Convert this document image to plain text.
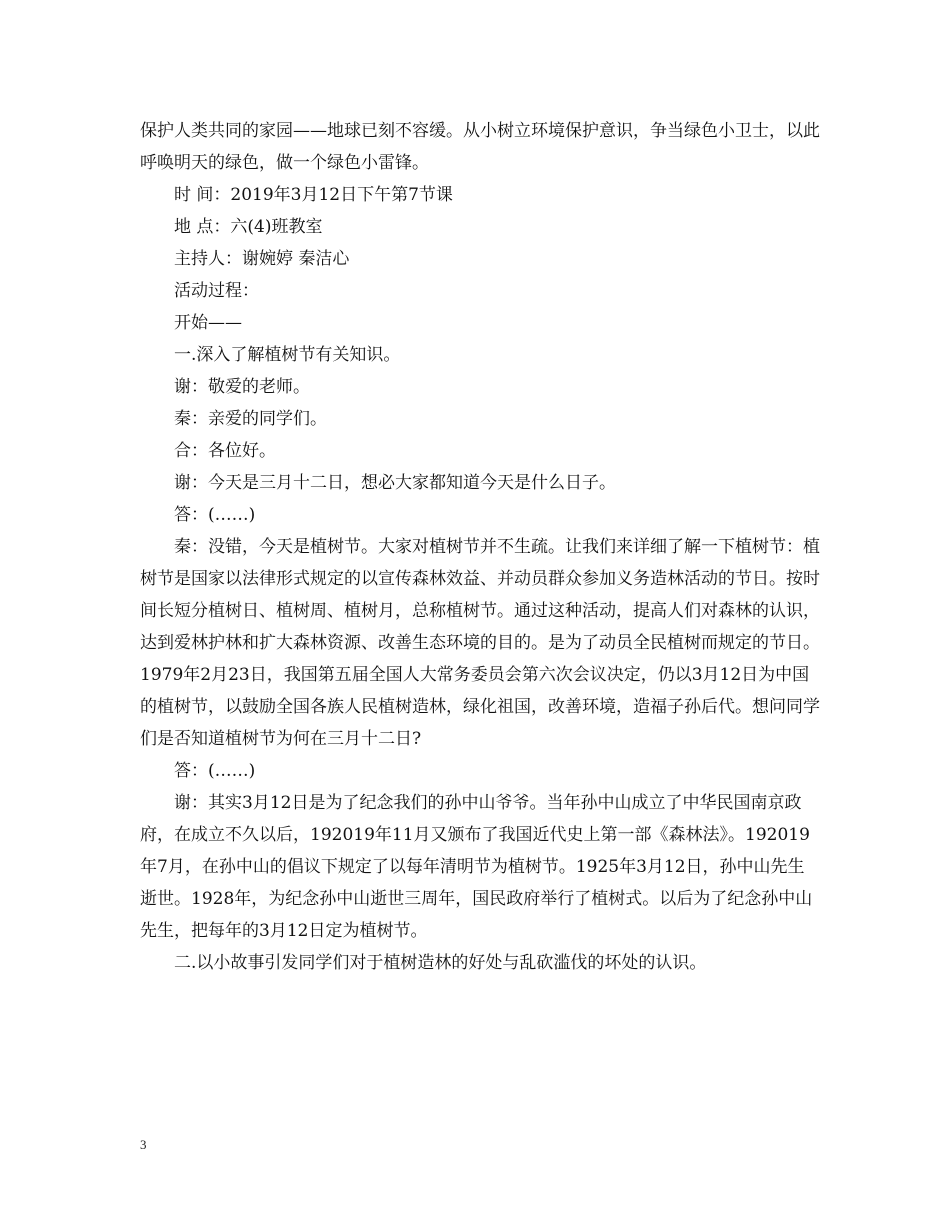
保护人类共同的家园——地球已刻不容缓。从小树立环境保护意识，争当绿色小卫士，以此呼唤明天的绿色，做一个绿色小雷锋。

时 间：2019年3月12日下午第7节课

地 点：六(4)班教室

主持人：谢婉婷 秦洁心

活动过程：

开始——

一.深入了解植树节有关知识。

谢：敬爱的老师。

秦：亲爱的同学们。

合：各位好。

谢：今天是三月十二日，想必大家都知道今天是什么日子。

答：(……)

秦：没错，今天是植树节。大家对植树节并不生疏。让我们来详细了解一下植树节：植树节是国家以法律形式规定的以宣传森林效益、并动员群众参加义务造林活动的节日。按时间长短分植树日、植树周、植树月，总称植树节。通过这种活动，提高人们对森林的认识，达到爱林护林和扩大森林资源、改善生态环境的目的。是为了动员全民植树而规定的节日。1979年2月23日，我国第五届全国人大常务委员会第六次会议决定，仍以3月12日为中国的植树节，以鼓励全国各族人民植树造林，绿化祖国，改善环境，造福子孙后代。想问同学们是否知道植树节为何在三月十二日?

答：(……)

谢：其实3月12日是为了纪念我们的孙中山爷爷。当年孙中山成立了中华民国南京政府，在成立不久以后，192019年11月又颁布了我国近代史上第一部《森林法》。192019年7月，在孙中山的倡议下规定了以每年清明节为植树节。1925年3月12日，孙中山先生逝世。1928年，为纪念孙中山逝世三周年，国民政府举行了植树式。以后为了纪念孙中山先生，把每年的3月12日定为植树节。

二.以小故事引发同学们对于植树造林的好处与乱砍滥伐的坏处的认识。

3
